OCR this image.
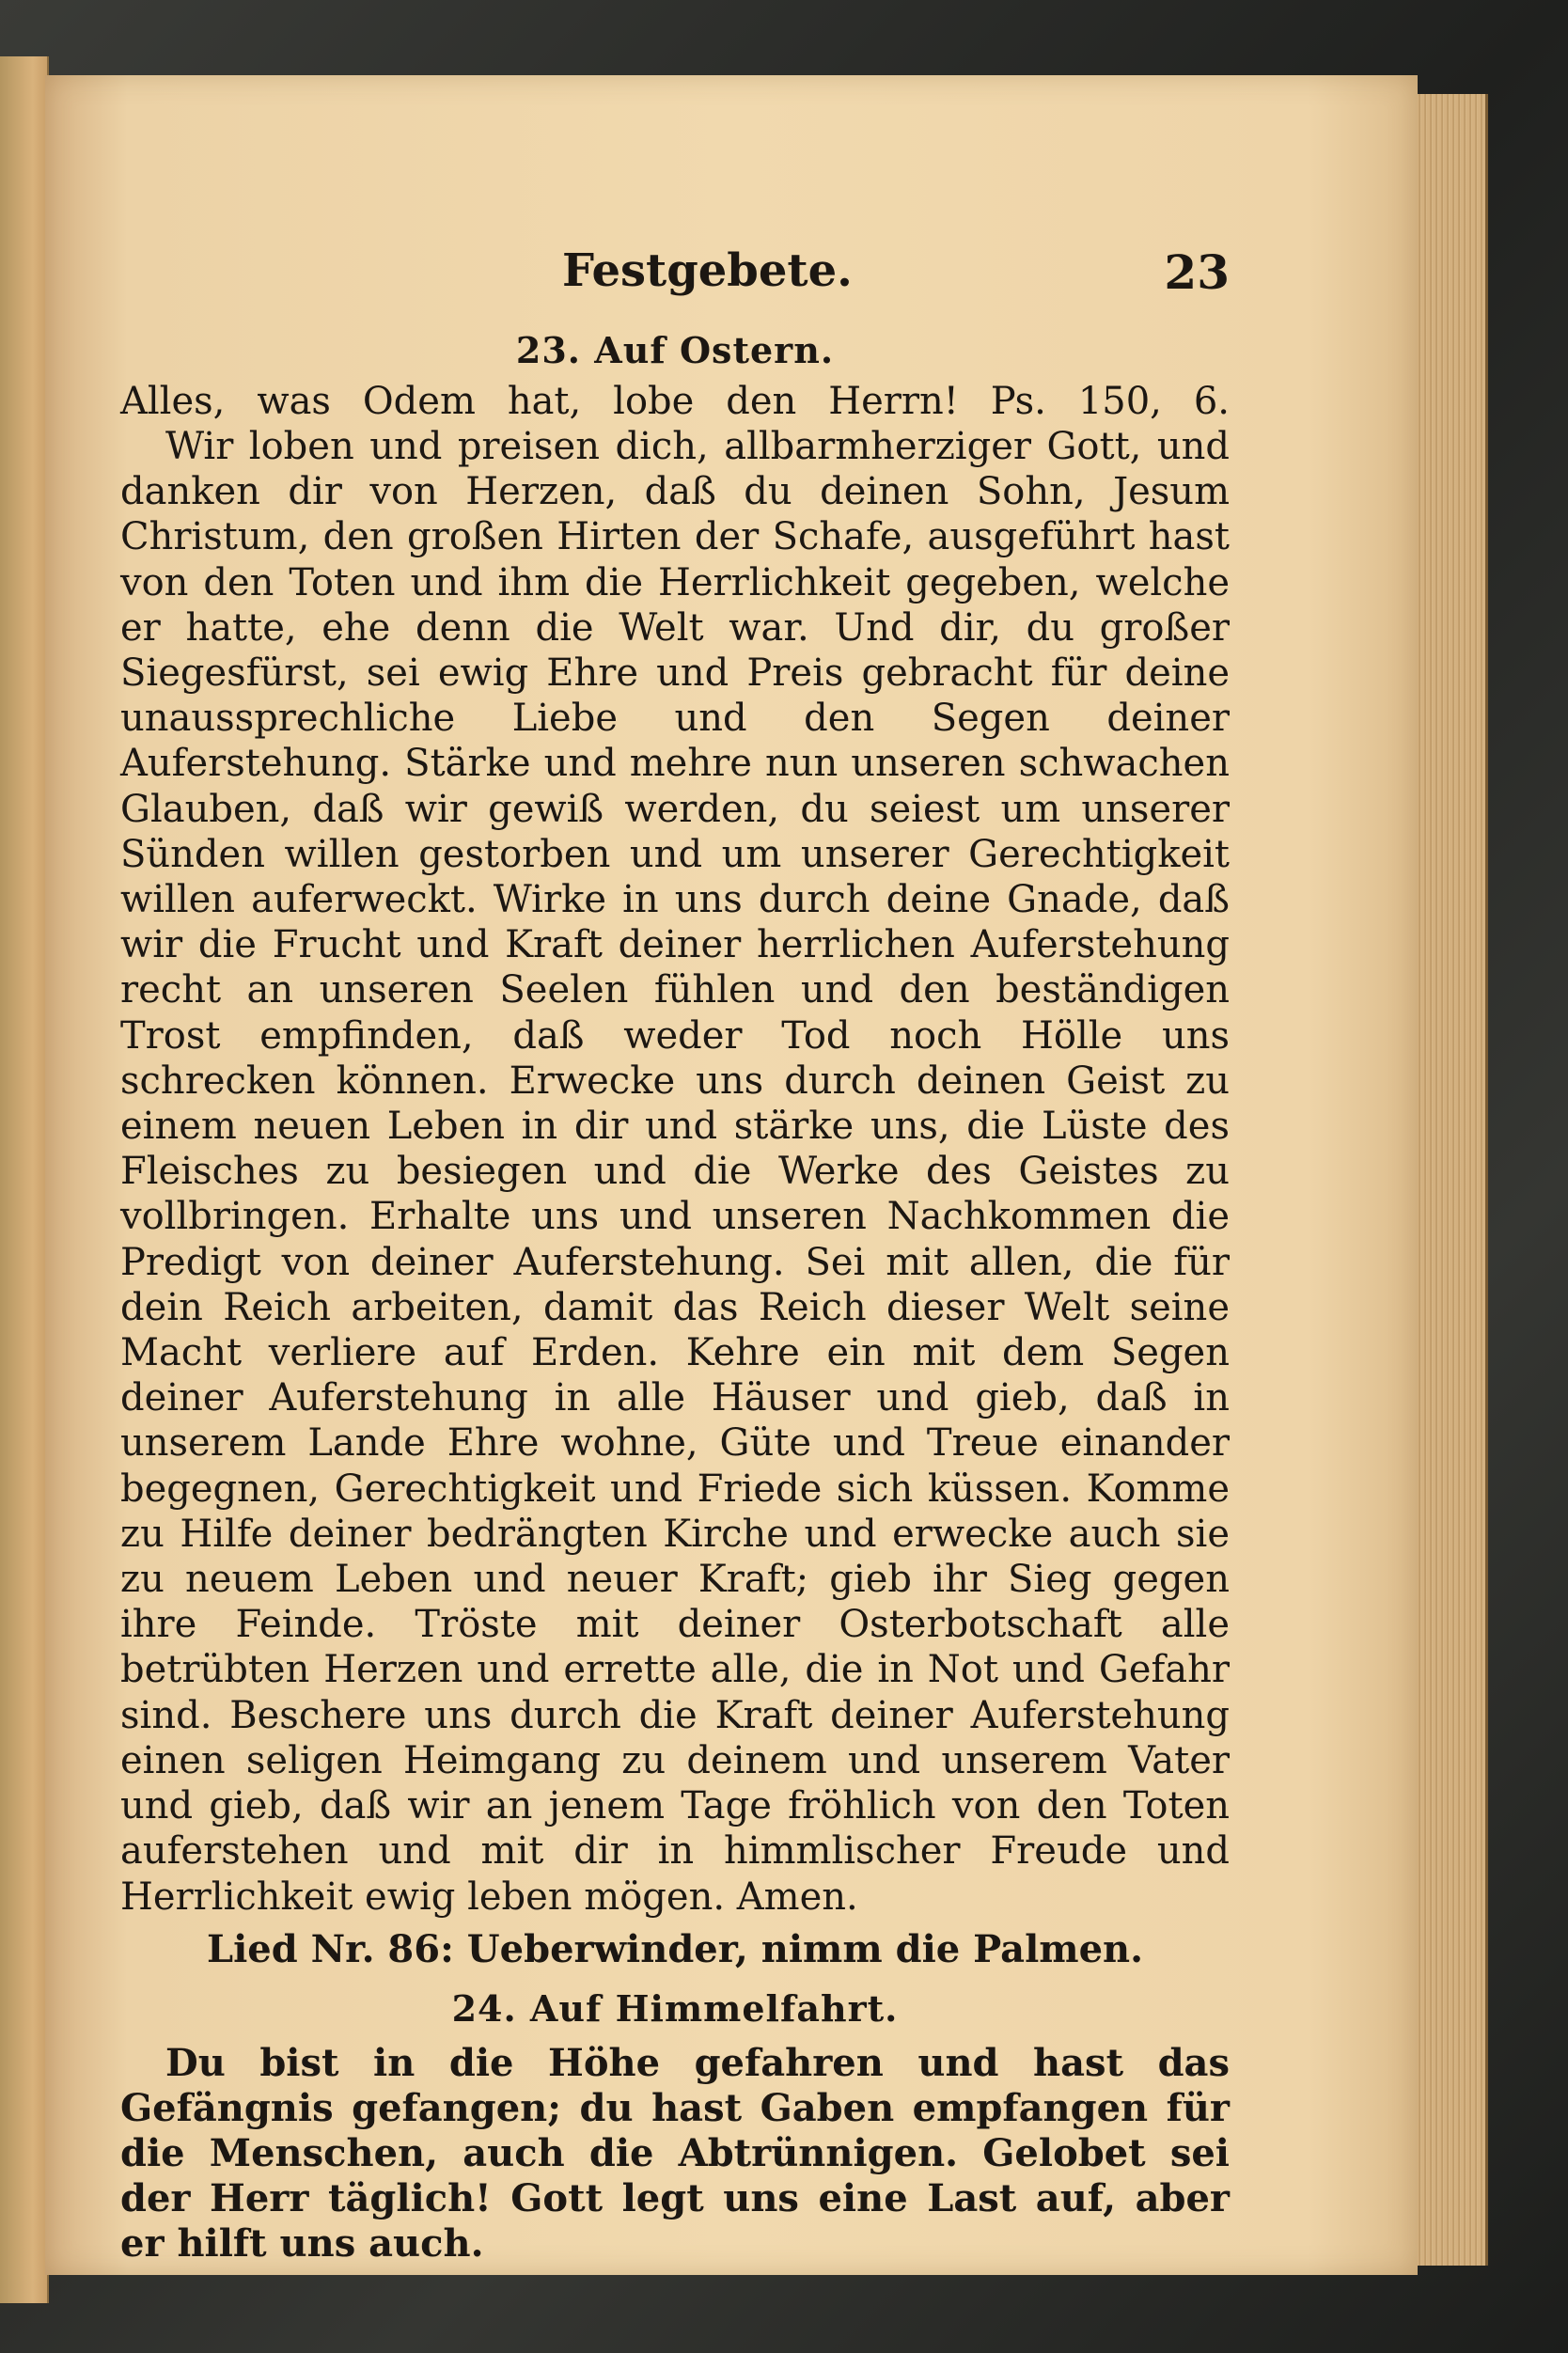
Festgebete.	23
23. Auf Ostern.

Alles, was Odem hat, lobe den Herrn! Ps. 150, 6.

Wir loben und preisen dich, allbarmherziger Gott, und danken dir von Herzen, daß du deinen Sohn, Jesum Christum, den großen Hirten der Schafe, ausgeführt hast von den Toten und ihm die Herrlichkeit gegeben, welche er hatte, ehe denn die Welt war. Und dir, du großer Siegesfürst, sei ewig Ehre und Preis gebracht für deine unaussprechliche Liebe und den Segen deiner Auferstehung. Stärke und mehre nun unseren schwachen Glauben, daß wir gewiß werden, du seiest um unserer Sünden willen gestorben und um unserer Gerechtigkeit willen auferweckt. Wirke in uns durch deine Gnade, daß wir die Frucht und Kraft deiner herrlichen Auferstehung recht an unseren Seelen fühlen und den beständigen Trost empfinden, daß weder Tod noch Hölle uns schrecken können. Erwecke uns durch deinen Geist zu einem neuen Leben in dir und stärke uns, die Lüste des Fleisches zu besiegen und die Werke des Geistes zu vollbringen. Erhalte uns und unseren Nachkommen die Predigt von deiner Auferstehung. Sei mit allen, die für dein Reich arbeiten, damit das Reich dieser Welt seine Macht verliere auf Erden. Kehre ein mit dem Segen deiner Auferstehung in alle Häuser und gieb, daß in unserem Lande Ehre wohne, Güte und Treue einander begegnen, Gerechtigkeit und Friede sich küssen. Komme zu Hilfe deiner bedrängten Kirche und erwecke auch sie zu neuem Leben und neuer Kraft; gieb ihr Sieg gegen ihre Feinde. Tröste mit deiner Osterbotschaft alle betrübten Herzen und errette alle, die in Not und Gefahr sind. Beschere uns durch die Kraft deiner Auferstehung einen seligen Heimgang zu deinem und unserem Vater und gieb, daß wir an jenem Tage fröhlich von den Toten auferstehen und mit dir in himmlischer Freude und Herrlichkeit ewig leben mögen. Amen.

Lied Nr. 86: Ueberwinder, nimm die Palmen.
24. Auf Himmelfahrt.

Du bist in die Höhe gefahren und hast das Gefängnis gefangen; du hast Gaben empfangen für die Menschen, auch die Abtrünnigen. Gelobet sei der Herr täglich! Gott legt uns eine Last auf, aber er hilft uns auch.
